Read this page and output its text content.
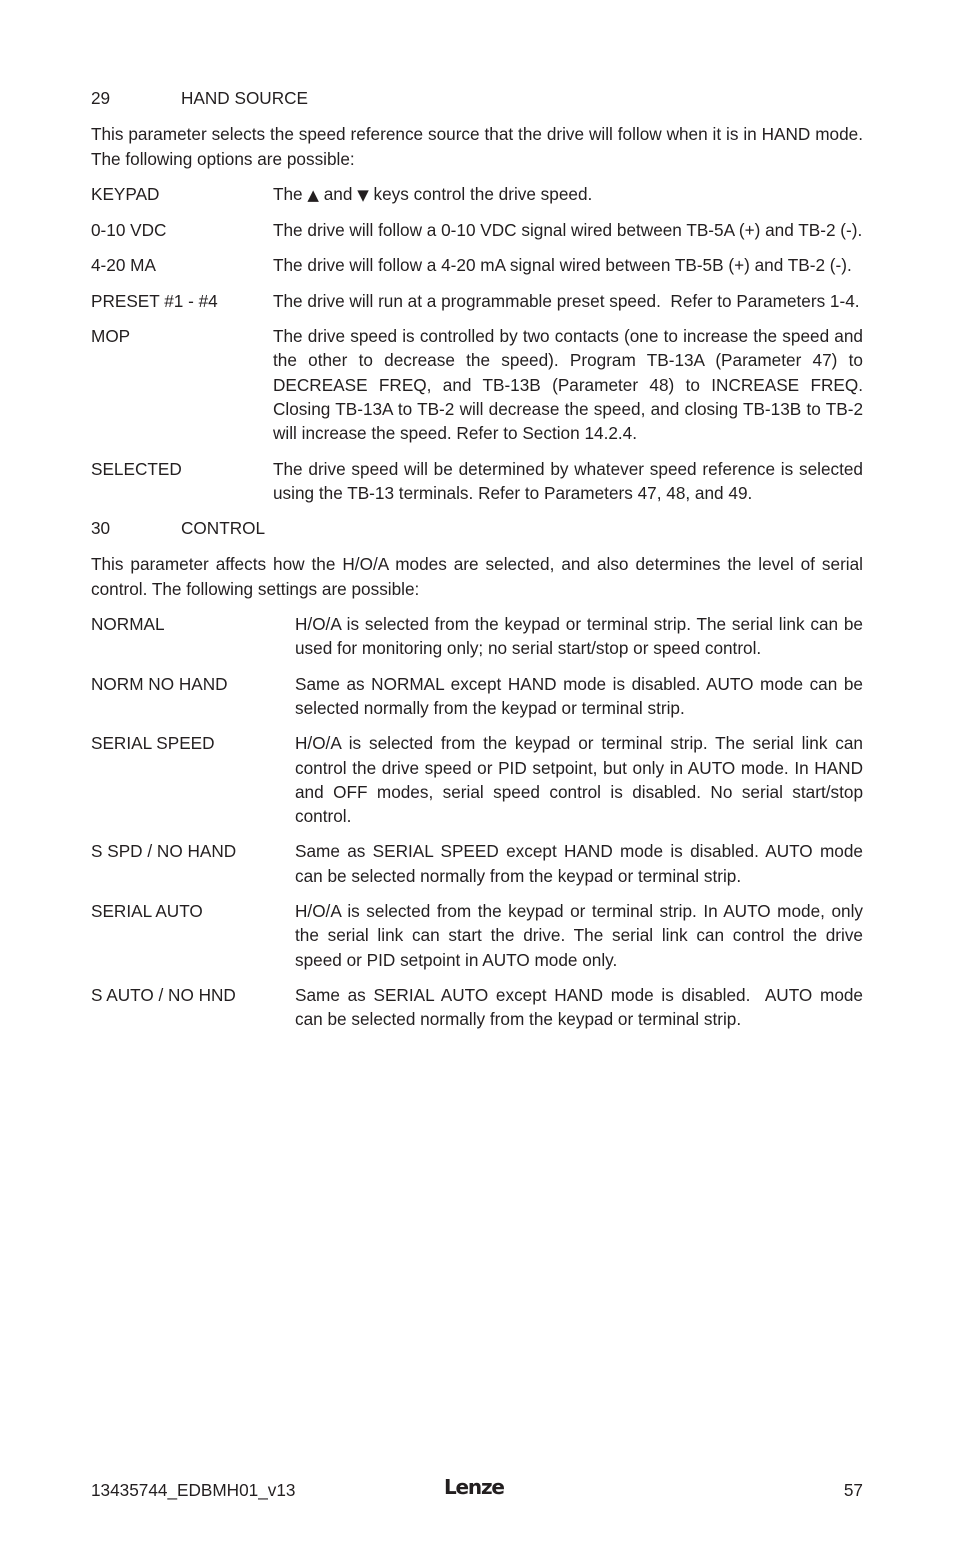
29	HAND SOURCE
This parameter selects the speed reference source that the drive will follow when it is in HAND mode. The following options are possible:
KEYPAD	The ▲ and ▼ keys control the drive speed.
0-10 VDC	The drive will follow a 0-10 VDC signal wired between TB-5A (+) and TB-2 (-).
4-20 MA	The drive will follow a 4-20 mA signal wired between TB-5B (+) and TB-2 (-).
PRESET #1 - #4	The drive will run at a programmable preset speed.  Refer to Parameters 1-4.
MOP	The drive speed is controlled by two contacts (one to increase the speed and the other to decrease the speed). Program TB-13A (Parameter 47) to DECREASE FREQ, and TB-13B (Parameter 48) to INCREASE FREQ. Closing TB-13A to TB-2 will decrease the speed, and closing TB-13B to TB-2 will increase the speed. Refer to Section 14.2.4.
SELECTED	The drive speed will be determined by whatever speed reference is selected using the TB-13 terminals. Refer to Parameters 47, 48, and 49.
30	CONTROL
This parameter affects how the H/O/A modes are selected, and also determines the level of serial control. The following settings are possible:
NORMAL	H/O/A is selected from the keypad or terminal strip. The serial link can be used for monitoring only; no serial start/stop or speed control.
NORM NO HAND	Same as NORMAL except HAND mode is disabled. AUTO mode can be selected normally from the keypad or terminal strip.
SERIAL SPEED	H/O/A is selected from the keypad or terminal strip. The serial link can control the drive speed or PID setpoint, but only in AUTO mode. In HAND and OFF modes, serial speed control is disabled. No serial start/stop control.
S SPD / NO HAND	Same as SERIAL SPEED except HAND mode is disabled. AUTO mode can be selected normally from the keypad or terminal strip.
SERIAL AUTO	H/O/A is selected from the keypad or terminal strip. In AUTO mode, only the serial link can start the drive. The serial link can control the drive speed or PID setpoint in AUTO mode only.
S AUTO / NO HND	Same as SERIAL AUTO except HAND mode is disabled.  AUTO mode can be selected normally from the keypad or terminal strip.
13435744_EDBMH01_v13	Lenze	57
